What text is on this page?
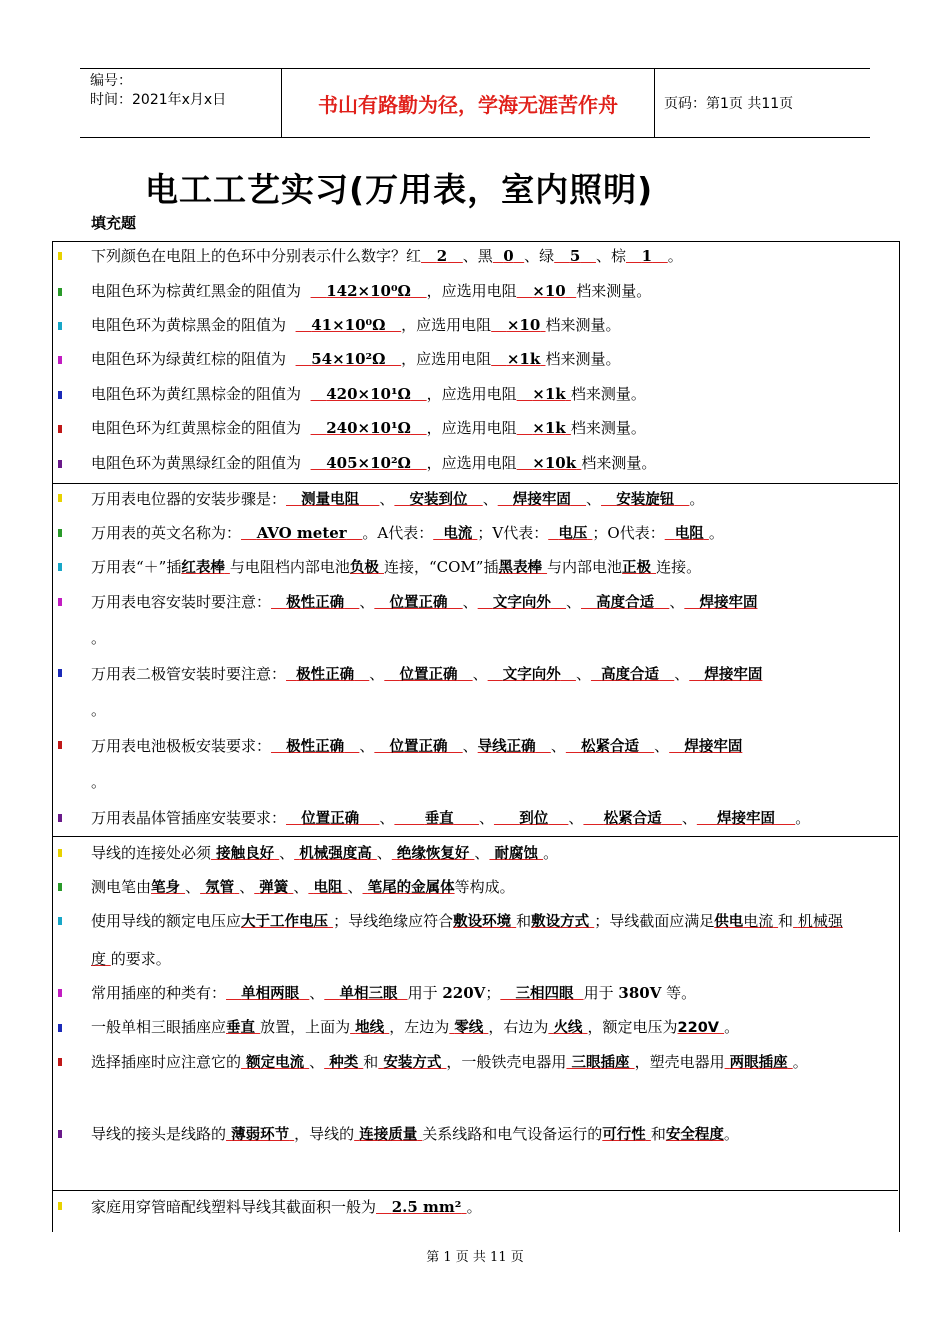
编号：
时间：2021年x月x日	书山有路勤为径，学海无涯苦作舟	页码：第1页 共11页
电工工艺实习(万用表，室内照明)
填充题
下列颜色在电阻上的色环中分别表示什么数字？红 2 、黑 0 、绿 5 、棕 1 。
电阻色环为棕黄红黑金的阻值为 142×10⁰Ω ，应选用电阻 ×10 档来测量。
电阻色环为黄棕黑金的阻值为 41×10⁰Ω ，应选用电阻 ×10 档来测量。
电阻色环为绿黄红棕的阻值为 54×10²Ω ，应选用电阻 ×1k 档来测量。
电阻色环为黄红黑棕金的阻值为 420×10¹Ω ，应选用电阻 ×1k 档来测量。
电阻色环为红黄黑棕金的阻值为 240×10¹Ω ，应选用电阻 ×1k 档来测量。
电阻色环为黄黑绿红金的阻值为 405×10²Ω ，应选用电阻 ×10k 档来测量。
万用表电位器的安装步骤是： 测量电阻 、 安装到位 、 焊接牢固 、 安装旋钮 。
万用表的英文名称为： AVO meter 。A代表： 电流 ；V代表： 电压 ；O代表： 电阻 。
万用表“＋”插红表棒 与电阻档内部电池负极 连接，“COM”插黑表棒 与内部电池正极 连接。
万用表电容安装时要注意： 极性正确 、 位置正确 、 文字向外 、 高度合适 、 焊接牢固
。
万用表二极管安装时要注意： 极性正确 、 位置正确 、 文字向外 、 高度合适 、 焊接牢固
。
万用表电池极板安装要求： 极性正确 、 位置正确 、导线正确 、 松紧合适 、 焊接牢固
。
万用表晶体管插座安装要求： 位置正确 、 垂直 、 到位 、 松紧合适 、 焊接牢固 。
导线的连接处必须 接触良好 、 机械强度高 、 绝缘恢复好 、 耐腐蚀 。
测电笔由笔身 、 氖管 、 弹簧 、 电阻 、 笔尾的金属体等构成。
使用导线的额定电压应大于工作电压 ；导线绝缘应符合敷设环境 和敷设方式 ；导线截面应满足供电电流 和 机械强度 的要求。
常用插座的种类有： 单相两眼 、 单相三眼 用于 220V； 三相四眼 用于 380V 等。
一般单相三眼插座应垂直 放置，上面为 地线 ，左边为 零线 ，右边为 火线 ，额定电压为220V 。
选择插座时应注意它的 额定电流 、 种类 和 安装方式 ，一般铁壳电器用 三眼插座 ，塑壳电器用 两眼插座 。
导线的接头是线路的 薄弱环节 ，导线的 连接质量 关系线路和电气设备运行的可行性 和安全程度。
家庭用穿管暗配线塑料导线其截面积一般为 2.5 mm² 。
第 1 页 共 11 页
